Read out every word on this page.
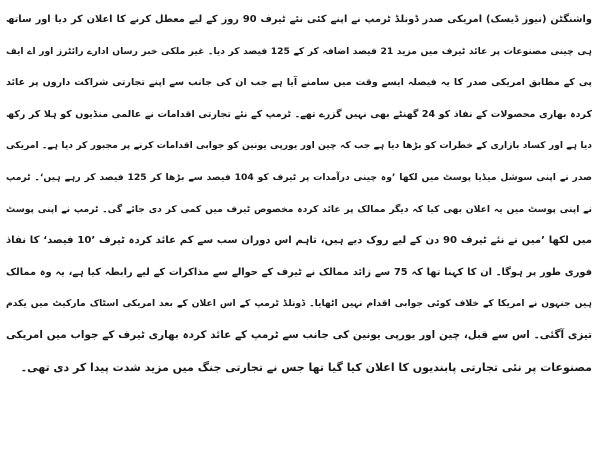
واشنگٹن (نیوز ڈیسک) امریکی صدر ڈونلڈ ٹرمپ نے اپنے کئی نئے ٹیرف 90 روز کے لیے معطل کرنے کا اعلان کر دیا اور ساتھ
ہی چینی مصنوعات پر عائد ٹیرف میں مزید 21 فیصد اضافہ کر کے 125 فیصد کر دیا۔ غیر ملکی خبر رساں ادارے رائٹرز اور اے ایف
پی کے مطابق امریکی صدر کا یہ فیصلہ ایسے وقت میں سامنے آیا ہے جب ان کی جانب سے اپنے تجارتی شراکت داروں پر عائد
کردہ بھاری محصولات کے نفاذ کو 24 گھنٹے بھی نہیں گزرے تھے۔ ٹرمپ کے نئے تجارتی اقدامات نے عالمی منڈیوں کو ہلا کر رکھ
دیا ہے اور کساد بازاری کے خطرات کو بڑھا دیا ہے جب کہ چین اور یورپی یونین کو جوابی اقدامات کرنے پر مجبور کر دیا ہے۔ امریکی
صدر نے اپنی سوشل میڈیا پوسٹ میں لکھا ’وہ چینی درآمدات پر ٹیرف کو 104 فیصد سے بڑھا کر 125 فیصد کر رہے ہیں‘۔ ٹرمپ
نے اپنی پوسٹ میں یہ اعلان بھی کیا کہ دیگر ممالک پر عائد کردہ مخصوص ٹیرف میں کمی کر دی جائے گی۔ ٹرمپ نے اپنی پوسٹ
میں لکھا ’میں نے نئے ٹیرف 90 دن کے لیے روک دیے ہیں، تاہم اس دوران سب سے کم عائد کردہ ٹیرف ’10 فیصد‘ کا نفاذ
فوری طور پر ہوگا۔ ان کا کہنا تھا کہ 75 سے زائد ممالک نے ٹیرف کے حوالے سے مذاکرات کے لیے رابطہ کیا ہے، یہ وہ ممالک
ہیں جنہوں نے امریکا کے خلاف کوئی جوابی اقدام نہیں اٹھایا۔ ڈونلڈ ٹرمپ کے اس اعلان کے بعد امریکی اسٹاک مارکیٹ میں یکدم
تیزی آگئی۔ اس سے قبل، چین اور یورپی یونین کی جانب سے ٹرمپ کے عائد کردہ بھاری ٹیرف کے جواب میں امریکی
مصنوعات پر نئی تجارتی پابندیوں کا اعلان کیا گیا تھا جس نے تجارتی جنگ میں مزید شدت پیدا کر دی تھی۔
